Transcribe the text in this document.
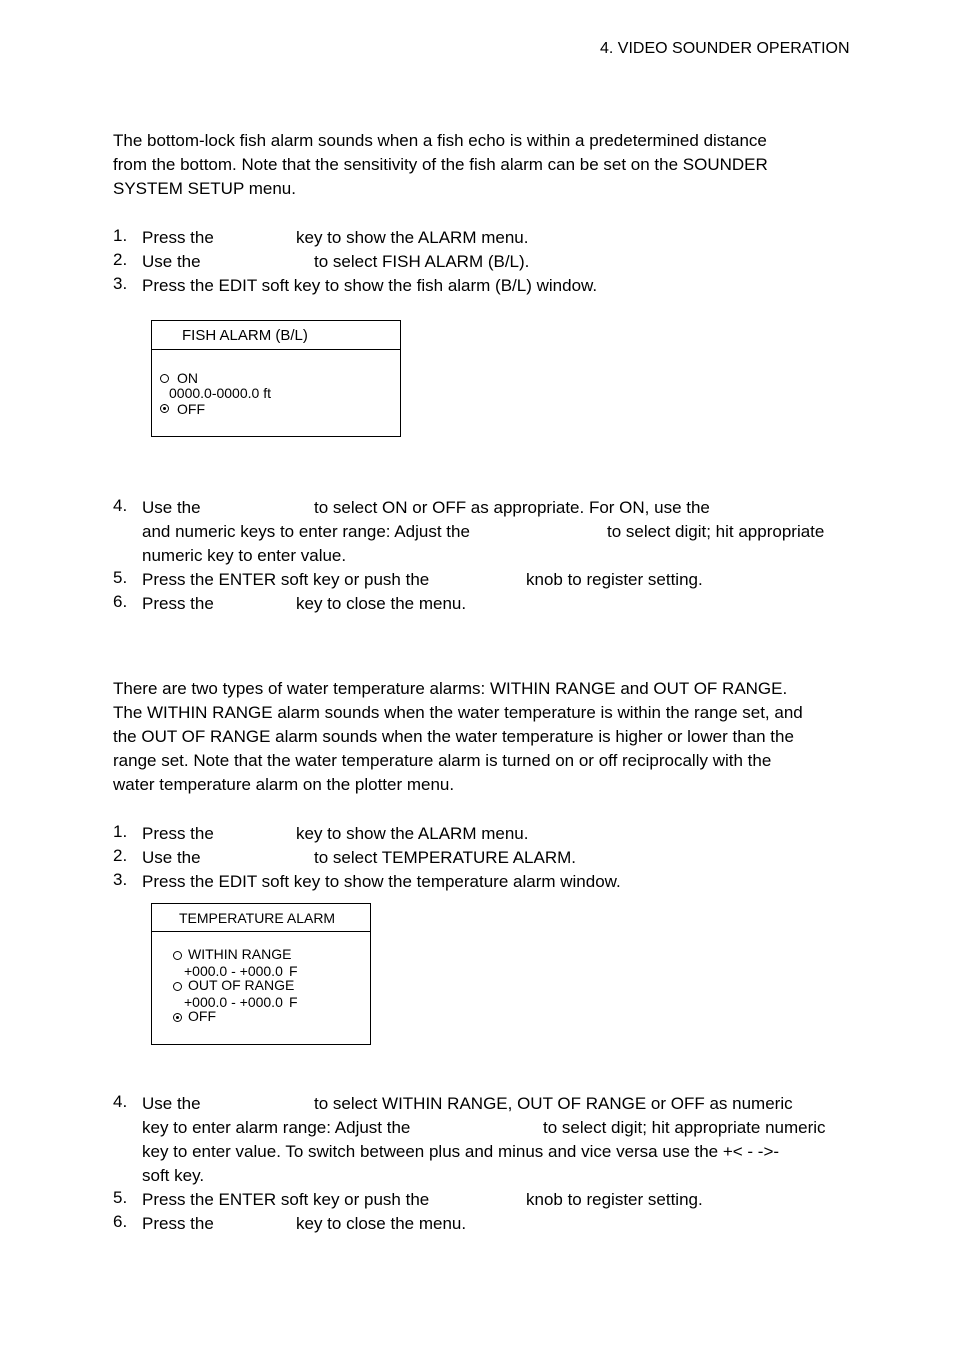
4. VIDEO SOUNDER OPERATION
The bottom-lock fish alarm sounds when a fish echo is within a predetermined distance
from the bottom. Note that the sensitivity of the fish alarm can be set on the SOUNDER
SYSTEM SETUP menu.
1. Press the	key to show the ALARM menu.
2. Use the	to select FISH ALARM (B/L).
3. Press the EDIT soft key to show the fish alarm (B/L) window.
FISH ALARM (B/L)
ON
0000.0-0000.0 ft
OFF
4. Use the	to select ON or OFF as appropriate. For ON, use the
and numeric keys to enter range: Adjust the	to select digit; hit appropriate
numeric key to enter value.
5. Press the ENTER soft key or push the	knob to register setting.
6. Press the	key to close the menu.
There are two types of water temperature alarms: WITHIN RANGE and OUT OF RANGE.
The WITHIN RANGE alarm sounds when the water temperature is within the range set, and
the OUT OF RANGE alarm sounds when the water temperature is higher or lower than the
range set. Note that the water temperature alarm is turned on or off reciprocally with the
water temperature alarm on the plotter menu.
1. Press the	key to show the ALARM menu.
2. Use the	to select TEMPERATURE ALARM.
3. Press the EDIT soft key to show the temperature alarm window.
TEMPERATURE ALARM
WITHIN RANGE
+000.0 - +000.0 F
OUT OF RANGE
+000.0 - +000.0 F
OFF
4. Use the	to select WITHIN RANGE, OUT OF RANGE or OFF as numeric
key to enter alarm range: Adjust the	to select digit; hit appropriate numeric
key to enter value. To switch between plus and minus and vice versa use the +< - ->-
soft key.
5. Press the ENTER soft key or push the	knob to register setting.
6. Press the	key to close the menu.
